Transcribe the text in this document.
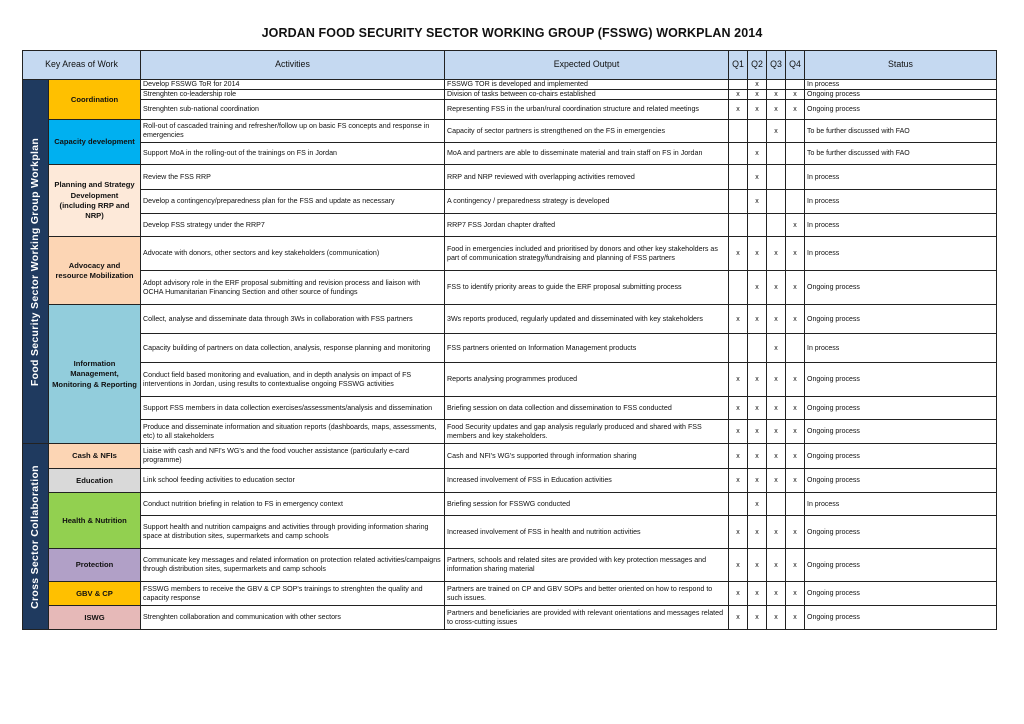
JORDAN FOOD SECURITY SECTOR WORKING GROUP (FSSWG) WORKPLAN 2014
Key Areas of Work		Activities	Expected Output	Q1	Q2	Q3	Q4	Status

Food Security Sector Working Group Workplan	Coordination	Develop FSSWG ToR for 2014	FSSWG TOR is developed and implemented		x			In process
		Strenghten co-leadership role	Division of tasks between co-chairs established	x	x	x	x	Ongoing process
		Strenghten sub-national coordination	Representing FSS in the urban/rural coordination structure and related meetings	x	x	x	x	Ongoing process
	Capacity development	Roll-out of cascaded training and refresher/follow up on basic FS concepts and response in emergencies	Capacity of sector partners is strengthened on the FS in emergencies			x		To be further discussed with FAO
		Support MoA in the rolling-out of the trainings on FS in Jordan	MoA and partners are able to disseminate material and train staff on FS in Jordan		x			To be further discussed with FAO
	Planning and Strategy Development (including RRP and NRP)	Review the FSS RRP	RRP and NRP reviewed with overlapping activities removed		x			In process
		Develop a contingency/preparedness plan for the FSS and update as necessary	A contingency / preparedness strategy is developed		x			In process
		Develop FSS strategy under the RRP7	RRP7 FSS Jordan chapter drafted				x	In process
	Advocacy and resource Mobilization	Advocate with donors, other sectors and key stakeholders (communication)	Food in emergencies included and prioritised by donors and other key stakeholders as part of communication strategy/fundraising and planning of FSS partners	x	x	x	x	In process
		Adopt advisory role in the ERF proposal submitting and revision process and liaison with OCHA Humanitarian Financing Section and other source of fundings	FSS to identify priority areas to guide the ERF proposal submitting process		x	x	x	Ongoing process
	Information Management, Monitoring & Reporting	Collect, analyse and disseminate data through 3Ws in collaboration with FSS partners	3Ws reports produced, regularly updated and disseminated with key stakeholders	x	x	x	x	Ongoing process
		Capacity building of partners on data collection, analysis, response planning and monitoring	FSS partners oriented on Information Management products			x		In process
		Conduct field based monitoring and evaluation, and in depth analysis on impact of FS interventions in Jordan, using results to contextualise ongoing FSSWG activities	Reports analysing programmes produced	x	x	x	x	Ongoing process
		Support FSS members in data collection exercises/assessments/analysis and dissemination	Briefing session on data collection and dissemination to FSS conducted	x	x	x	x	Ongoing process
		Produce and disseminate information and situation reports (dashboards, maps, assessments, etc) to all stakeholders	Food Security updates and gap analysis regularly produced and shared with FSS members and key stakeholders.	x	x	x	x	Ongoing process

Cross Sector Collaboration	Cash & NFIs	Liaise with cash and NFI's WG's and the food voucher assistance (particularly e-card programme)	Cash and NFI's WG's supported through information sharing	x	x	x	x	Ongoing process
	Education	Link school feeding activities to education sector	Increased involvement of FSS in Education activities	x	x	x	x	Ongoing process
	Health & Nutrition	Conduct nutrition briefing in relation to FS in emergency context	Briefing session for FSSWG conducted		x			In process
		Support health and nutrition campaigns and activities through providing information sharing space at distribution sites, supermarkets and camp schools	Increased involvement of FSS in health and nutrition activities	x	x	x	x	Ongoing process
	Protection	Communicate key messages and related information on protection related activities/campaigns through distribution sites, supermarkets and camp schools	Partners, schools and related sites are provided with key protection messages and information sharing material	x	x	x	x	Ongoing process
	GBV & CP	FSSWG members to receive the GBV & CP SOP's trainings to strenghten the quality and capacity response	Partners are trained on CP and GBV SOPs and better oriented on how to respond to such issues.	x	x	x	x	Ongoing process
	ISWG	Strenghten collaboration and communication with other sectors	Partners and beneficiaries are provided with relevant orientations and messages related to cross-cutting issues	x	x	x	x	Ongoing process
